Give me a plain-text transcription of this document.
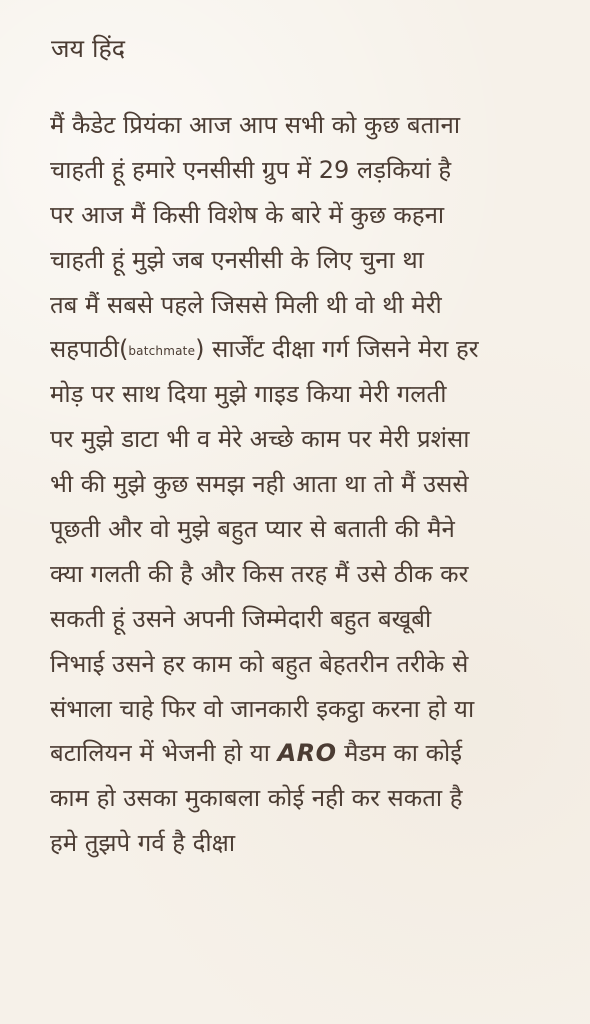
जय हिंद
मैं कैडेट प्रियंका आज आप सभी को कुछ बताना
चाहती हूं हमारे एनसीसी ग्रुप में 29 लड़कियां है
पर आज मैं किसी विशेष के बारे में कुछ कहना
चाहती हूं मुझे जब एनसीसी के लिए चुना था
तब मैं सबसे पहले जिससे मिली थी वो थी मेरी
सहपाठी(batchmate) सार्जेंट दीक्षा गर्ग जिसने मेरा हर
मोड़ पर साथ दिया मुझे गाइड किया मेरी गलती
पर मुझे डाटा भी व मेरे अच्छे काम पर मेरी प्रशंसा
भी की मुझे कुछ समझ नही आता था तो मैं उससे
पूछती और वो मुझे बहुत प्यार से बताती की मैने
क्या गलती की है और किस तरह मैं उसे ठीक कर
सकती हूं उसने अपनी जिम्मेदारी बहुत बखूबी
निभाई उसने हर काम को बहुत बेहतरीन तरीके से
संभाला चाहे फिर वो जानकारी इकट्ठा करना हो या
बटालियन में भेजनी हो या ARO मैडम का कोई
काम हो उसका मुकाबला कोई नही कर सकता है
हमे तुझपे गर्व है दीक्षा
